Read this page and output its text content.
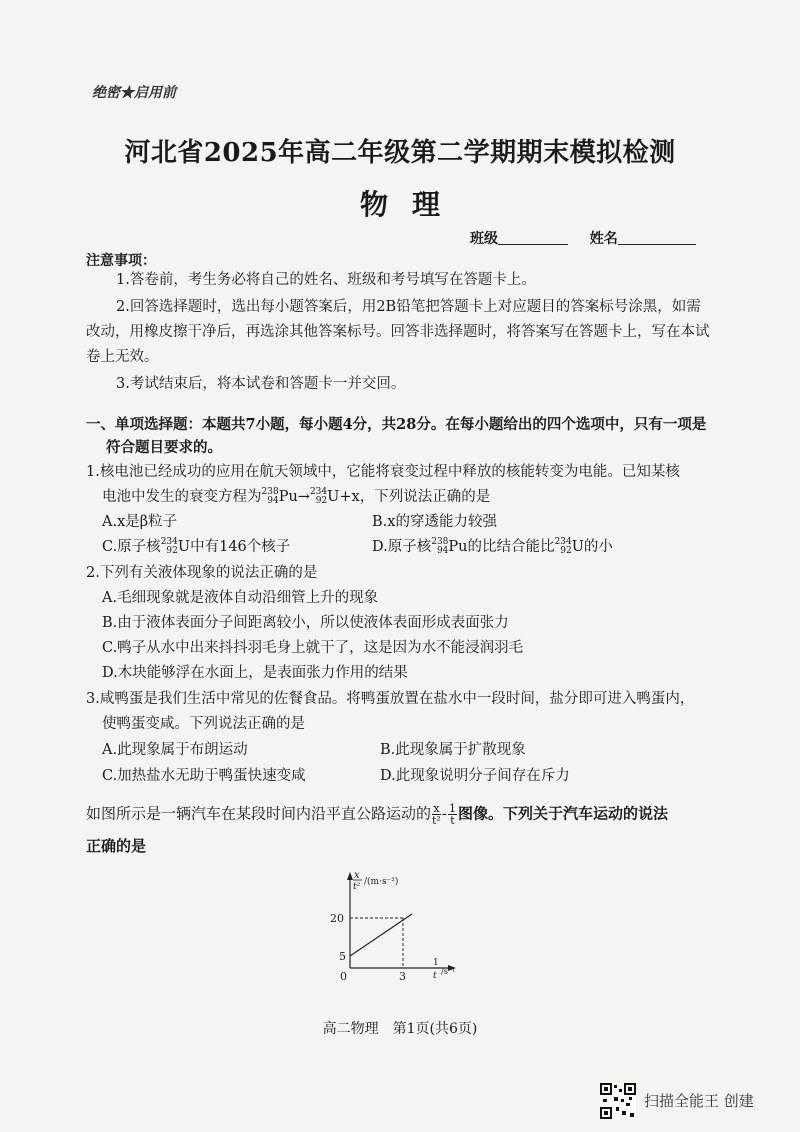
绝密★启用前
河北省2025年高二年级第二学期期末模拟检测
物理
班级	姓名
注意事项：
1.答卷前，考生务必将自己的姓名、班级和考号填写在答题卡上。
2.回答选择题时，选出每小题答案后，用2B铅笔把答题卡上对应题目的答案标号涂黑，如需
改动，用橡皮擦干净后，再选涂其他答案标号。回答非选择题时，将答案写在答题卡上，写在本试
卷上无效。
3.考试结束后，将本试卷和答题卡一并交回。
一、单项选择题：本题共7小题，每小题4分，共28分。在每小题给出的四个选项中，只有一项是
符合题目要求的。
1.核电池已经成功的应用在航天领域中，它能将衰变过程中释放的核能转变为电能。已知某核
电池中发生的衰变方程为 238
94 Pu→ 234
92 U+x，下列说法正确的是
A.x是β粒子	B.x的穿透能力较强
C.原子核 234
92 U中有146个核子	D.原子核 238
94 Pu的比结合能比 234
92 U的小
2.下列有关液体现象的说法正确的是
A.毛细现象就是液体自动沿细管上升的现象
B.由于液体表面分子间距离较小，所以使液体表面形成表面张力
C.鸭子从水中出来抖抖羽毛身上就干了，这是因为水不能浸润羽毛
D.木块能够浮在水面上，是表面张力作用的结果
3.咸鸭蛋是我们生活中常见的佐餐食品。将鸭蛋放置在盐水中一段时间，盐分即可进入鸭蛋内，
使鸭蛋变咸。下列说法正确的是
A.此现象属于布朗运动	B.此现象属于扩散现象
C.加热盐水无助于鸭蛋快速变咸	D.此现象说明分子间存在斥力
如图所示是一辆汽车在某段时间内沿平直公路运动的 $\frac{x}{\text{t²}} - \frac{1}{t}$ 图像。下列关于汽车运动的说法
正确的是
20
5
3
0
x
t² /(m·s⁻²)
1
t /s⁻¹
高二物理　第1页(共6页)
扫描全能王 创建
